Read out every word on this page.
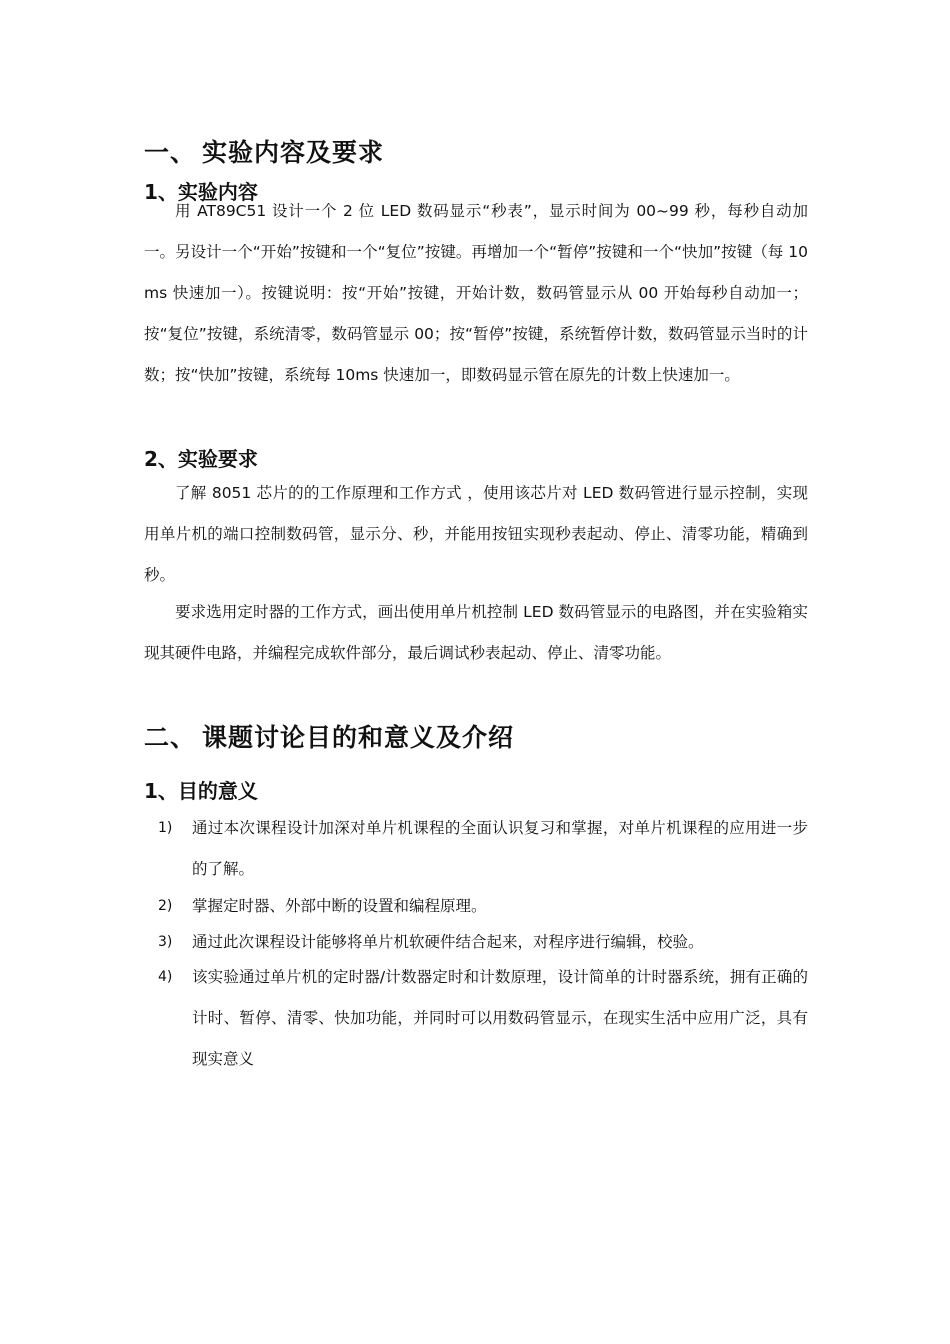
一、 实验内容及要求
1、实验内容
用 AT89C51 设计一个 2 位 LED 数码显示“秒表”，显示时间为 00~99 秒，每秒自动加一。另设计一个“开始”按键和一个“复位”按键。再增加一个“暂停”按键和一个“快加”按键（每 10ms 快速加一）。按键说明：按“开始”按键，开始计数，数码管显示从 00 开始每秒自动加一；按“复位”按键，系统清零，数码管显示 00；按“暂停”按键，系统暂停计数，数码管显示当时的计数；按“快加”按键，系统每 10ms 快速加一，即数码显示管在原先的计数上快速加一。
2、实验要求
了解 8051 芯片的的工作原理和工作方式 ，使用该芯片对 LED 数码管进行显示控制，实现用单片机的端口控制数码管，显示分、秒，并能用按钮实现秒表起动、停止、清零功能，精确到秒。
要求选用定时器的工作方式，画出使用单片机控制 LED 数码管显示的电路图，并在实验箱实现其硬件电路，并编程完成软件部分，最后调试秒表起动、停止、清零功能。
二、 课题讨论目的和意义及介绍
1、目的意义
1) 通过本次课程设计加深对单片机课程的全面认识复习和掌握，对单片机课程的应用进一步的了解。
2) 掌握定时器、外部中断的设置和编程原理。
3) 通过此次课程设计能够将单片机软硬件结合起来，对程序进行编辑，校验。
4) 该实验通过单片机的定时器/计数器定时和计数原理，设计简单的计时器系统，拥有正确的计时、暂停、清零、快加功能，并同时可以用数码管显示，在现实生活中应用广泛，具有现实意义
